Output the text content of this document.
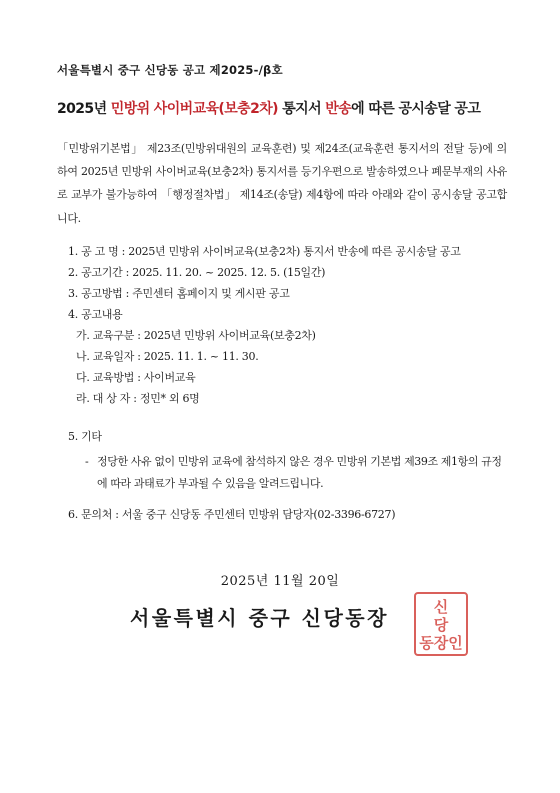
서울특별시 중구 신당동 공고 제2025-/β호
2025년 민방위 사이버교육(보충2차) 통지서 반송에 따른 공시송달 공고
「민방위기본법」 제23조(민방위대원의 교육훈련) 및 제24조(교육훈련 통지서의 전달 등)에 의하여 2025년 민방위 사이버교육(보충2차) 통지서를 등기우편으로 발송하였으나 폐문부재의 사유로 교부가 불가능하여 「행정절차법」 제14조(송달) 제4항에 따라 아래와 같이 공시송달 공고합니다.
1. 공 고 명 : 2025년 민방위 사이버교육(보충2차) 통지서 반송에 따른 공시송달 공고
2. 공고기간 : 2025. 11. 20. ~ 2025. 12. 5. (15일간)
3. 공고방법 : 주민센터 홈페이지 및 게시판 공고
4. 공고내용
가. 교육구분 : 2025년 민방위 사이버교육(보충2차)
나. 교육일자 : 2025. 11. 1. ~ 11. 30.
다. 교육방법 : 사이버교육
라. 대 상 자 : 정민* 외 6명
5. 기타
6. 문의처 : 서울 중구 신당동 주민센터 민방위 담당자(02-3396-6727)
- 정당한 사유 없이 민방위 교육에 참석하지 않은 경우 민방위 기본법 제39조 제1항의 규정에 따라 과태료가 부과될 수 있음을 알려드립니다.
2025년 11월 20일
서울특별시 중구 신당동장	신
당
동장인
